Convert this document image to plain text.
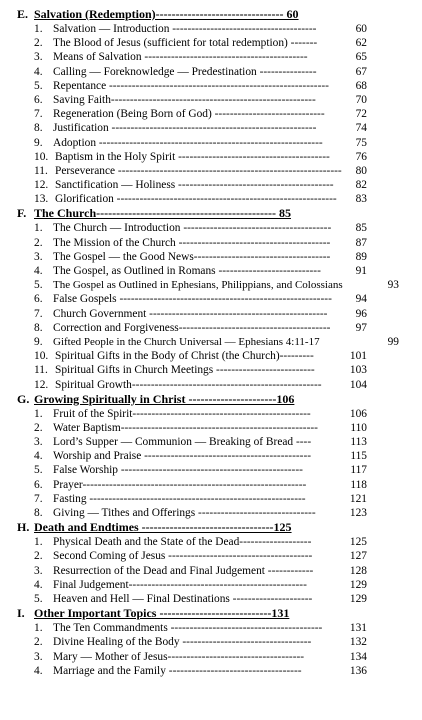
E. Salvation (Redemption)-------------------------------- 60
1. Salvation — Introduction --------------------------------------	60
2. The Blood of Jesus (sufficient for total redemption) -------	62
3. Means of Salvation -------------------------------------------	65
4. Calling — Foreknowledge — Predestination ---------------	67
5. Repentance ---------------------------------------------------------- 68
6. Saving Faith------------------------------------------------------	70
7. Regeneration (Being Born of God) -----------------------------	72
8. Justification ------------------------------------------------------	74
9. Adoption -----------------------------------------------------------	75
10. Baptism in the Holy Spirit ---------------------------------------- 76
11. Perseverance ----------------------------------------------------------- 80
12. Sanctification — Holiness ----------------------------------------- 82
13. Glorification ---------------------------------------------------------- 83
F. The Church--------------------------------------------- 85
1. The Church — Introduction --------------------------------------- 85
2. The Mission of the Church ---------------------------------------- 87
3. The Gospel — the Good News------------------------------------ 89
4. The Gospel, as Outlined in Romans ---------------------------	91
5. The Gospel as Outlined in Ephesians, Philippians, and Colossians	93
6. False Gospels -------------------------------------------------------- 94
7. Church Government ----------------------------------------------- 96
8. Correction and Forgiveness---------------------------------------- 97
9. Gifted People in the Church Universal — Ephesians 4:11-17	99
10. Spiritual Gifts in the Body of Christ (the Church)---------	101
11. Spiritual Gifts in Church Meetings --------------------------	103
12. Spiritual Growth-------------------------------------------------- 104
G. Growing Spiritually in Christ ----------------------106
1. Fruit of the Spirit-----------------------------------------------	106
2. Water Baptism----------------------------------------------------	110
3. Lord’s Supper — Communion — Breaking of Bread ----	113
4. Worship and Praise --------------------------------------------	115
5. False Worship ------------------------------------------------	117
6. Prayer-----------------------------------------------------------	118
7. Fasting ---------------------------------------------------------	121
8. Giving — Tithes and Offerings -------------------------------	123
H. Death and Endtimes ---------------------------------125
1. Physical Death and the State of the Dead-------------------	125
2. Second Coming of Jesus --------------------------------------	127
3. Resurrection of the Dead and Final Judgement ------------	128
4. Final Judgement-----------------------------------------------	129
5. Heaven and Hell — Final Destinations ---------------------	129
I. Other Important Topics ----------------------------131
1. The Ten Commandments ---------------------------------------- 131
2. Divine Healing of the Body ----------------------------------	132
3. Mary — Mother of Jesus------------------------------------	134
4. Marriage and the Family -----------------------------------	136
